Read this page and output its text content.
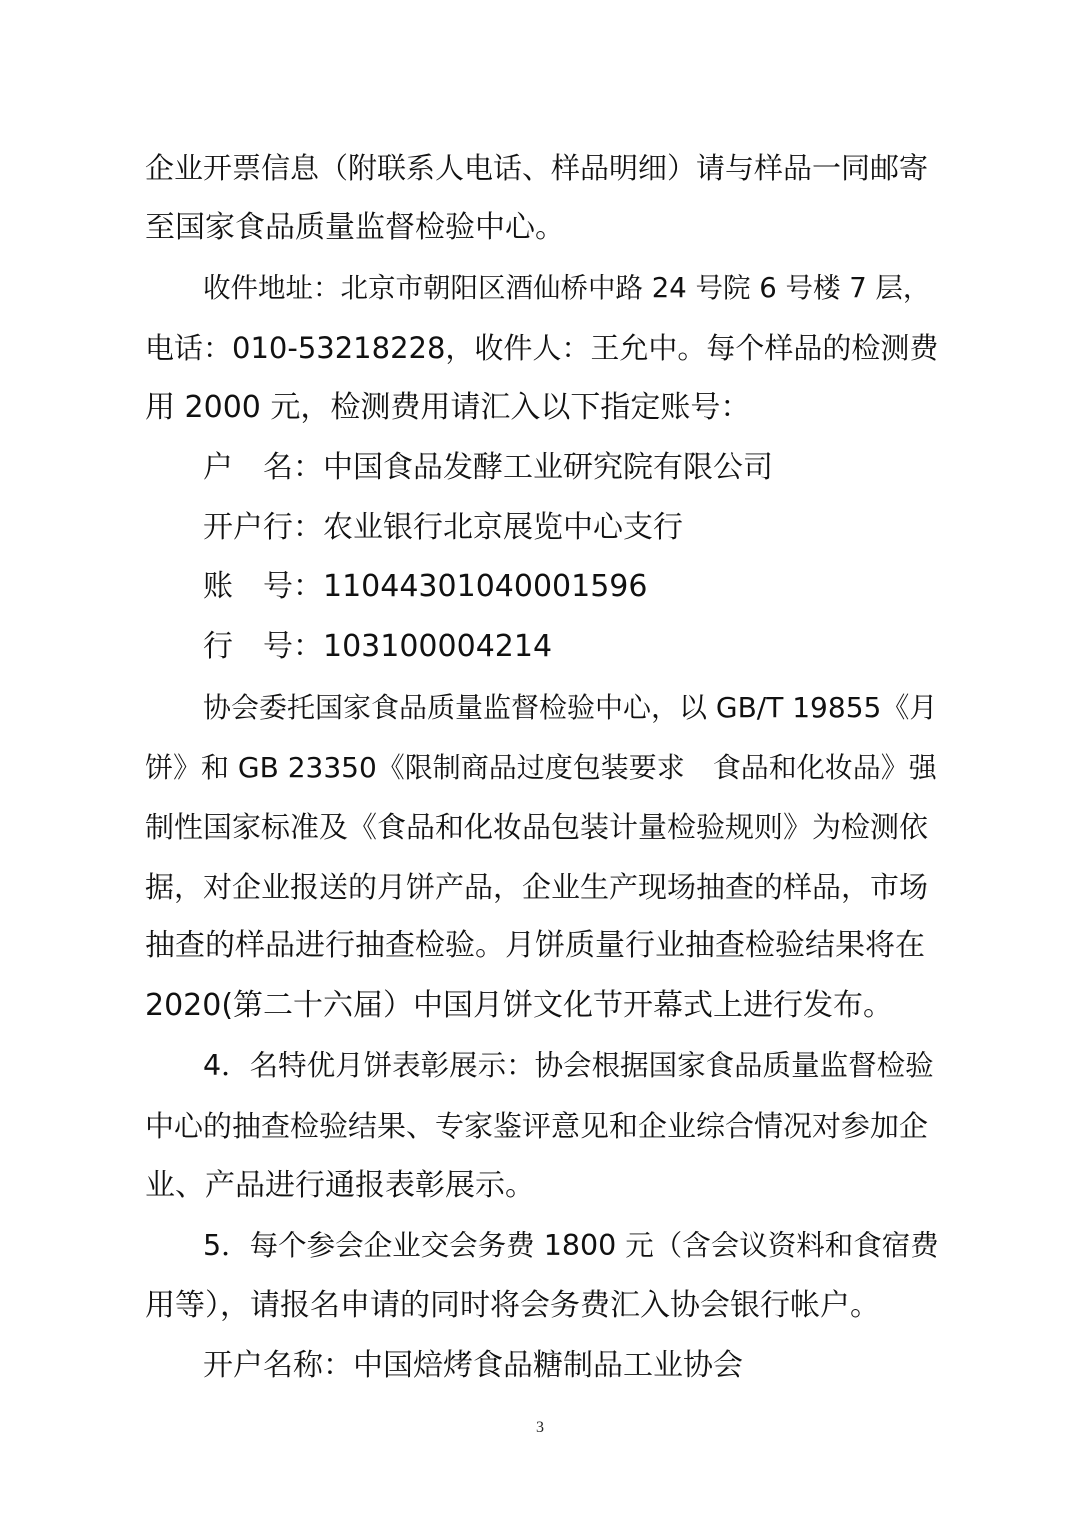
企业开票信息（附联系人电话、样品明细）请与样品一同邮寄

至国家食品质量监督检验中心。

收件地址：北京市朝阳区酒仙桥中路 24 号院 6 号楼 7 层，

电话：010-53218228，收件人：王允中。每个样品的检测费

用 2000 元，检测费用请汇入以下指定账号：

户　名：中国食品发酵工业研究院有限公司

开户行：农业银行北京展览中心支行

账　号：11044301040001596

行　号：103100004214

协会委托国家食品质量监督检验中心，以 GB/T 19855《月

饼》和 GB 23350《限制商品过度包装要求　食品和化妆品》强

制性国家标准及《食品和化妆品包装计量检验规则》为检测依

据，对企业报送的月饼产品，企业生产现场抽查的样品，市场

抽查的样品进行抽查检验。月饼质量行业抽查检验结果将在

2020(第二十六届）中国月饼文化节开幕式上进行发布。

4．名特优月饼表彰展示：协会根据国家食品质量监督检验

中心的抽查检验结果、专家鉴评意见和企业综合情况对参加企

业、产品进行通报表彰展示。

5．每个参会企业交会务费 1800 元（含会议资料和食宿费

用等），请报名申请的同时将会务费汇入协会银行帐户。

开户名称：中国焙烤食品糖制品工业协会

3
